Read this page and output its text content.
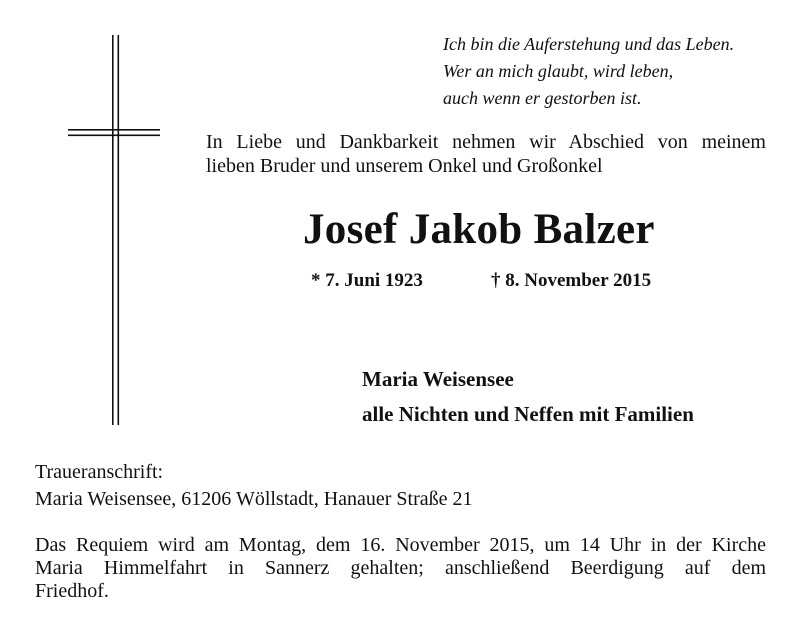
Ich bin die Auferstehung und das Leben.
Wer an mich glaubt, wird leben,
auch wenn er gestorben ist.
In Liebe und Dankbarkeit nehmen wir Abschied von meinem
lieben Bruder und unserem Onkel und Großonkel
Josef Jakob Balzer
* 7. Juni 1923	† 8. November 2015
Maria Weisensee
alle Nichten und Neffen mit Familien
Traueranschrift:
Maria Weisensee, 61206 Wöllstadt, Hanauer Straße 21
Das Requiem wird am Montag, dem 16. November 2015, um 14 Uhr in der Kirche
Maria Himmelfahrt in Sannerz gehalten; anschließend Beerdigung auf dem
Friedhof.
